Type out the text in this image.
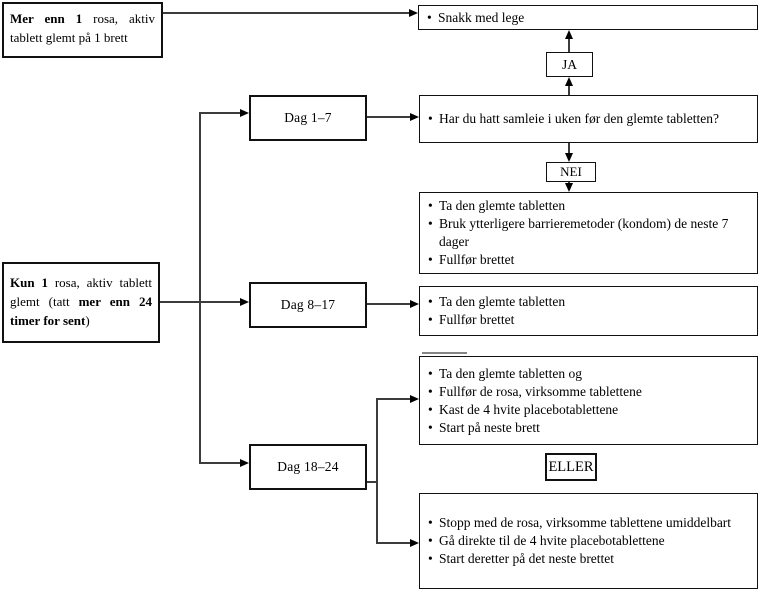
Mer enn 1 rosa, aktiv tablett glemt på 1 brett
• Snakk med lege
JA
Dag 1–7	• Har du hatt samleie i uken før den glemte tabletten?
NEI
• Ta den glemte tabletten
• Bruk ytterligere barrieremetoder (kondom) de neste 7 dager
• Fullfør brettet
Kun 1 rosa, aktiv tablett glemt (tatt mer enn 24 timer for sent)
Dag 8–17	• Ta den glemte tabletten
• Fullfør brettet
• Ta den glemte tabletten og
• Fullfør de rosa, virksomme tablettene
• Kast de 4 hvite placebotablettene
• Start på neste brett
Dag 18–24	ELLER
• Stopp med de rosa, virksomme tablettene umiddelbart
• Gå direkte til de 4 hvite placebotablettene
• Start deretter på det neste brettet
